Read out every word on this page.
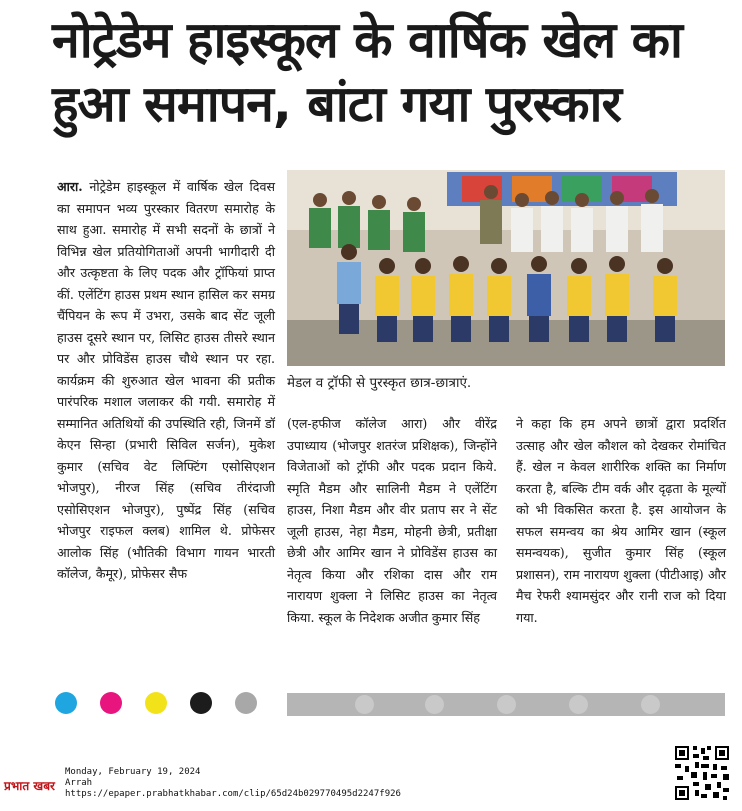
नोट्रेडेम हाइस्कूल के वार्षिक खेल का
हुआ समापन, बांटा गया पुरस्कार
आरा. नोट्रेडेम हाइस्कूल में वार्षिक खेल दिवस का समापन भव्य पुरस्कार वितरण समारोह के साथ हुआ. समारोह में सभी सदनों के छात्रों ने विभिन्न खेल प्रतियोगिताओं अपनी भागीदारी दी और उत्कृष्टता के लिए पदक और ट्रॉफियां प्राप्त कीं. एलेंटिंग हाउस प्रथम स्थान हासिल कर समग्र चैंपियन के रूप में उभरा, उसके बाद सेंट जूली हाउस दूसरे स्थान पर, लिसिट हाउस तीसरे स्थान पर और प्रोविडेंस हाउस चौथे स्थान पर रहा. कार्यक्रम की शुरुआत खेल भावना की प्रतीक पारंपरिक मशाल जलाकर की गयी. समारोह में सम्मानित अतिथियों की उपस्थिति रही, जिनमें डॉ केएन सिन्हा (प्रभारी सिविल सर्जन), मुकेश कुमार (सचिव वेट लिफ्टिंग एसोसिएशन भोजपुर), नीरज सिंह (सचिव तीरंदाजी एसोसिएशन भोजपुर), पुष्पेंद्र सिंह (सचिव भोजपुर राइफल क्लब) शामिल थे. प्रोफेसर आलोक सिंह (भौतिकी विभाग गायन भारती कॉलेज, कैमूर), प्रोफेसर सैफ
मेडल व ट्रॉफी से पुरस्कृत छात्र-छात्राएं.
(एल-हफीज कॉलेज आरा) और वीरेंद्र उपाध्याय (भोजपुर शतरंज प्रशिक्षक), जिन्होंने विजेताओं को ट्रॉफी और पदक प्रदान किये. स्मृति मैडम और सालिनी मैडम ने एलेंटिंग हाउस, निशा मैडम और वीर प्रताप सर ने सेंट जूली हाउस, नेहा मैडम, मोहनी छेत्री, प्रतीक्षा छेत्री और आमिर खान ने प्रोविडेंस हाउस का नेतृत्व किया और रशिका दास और राम नारायण शुक्ला ने लिसिट हाउस का नेतृत्व किया. स्कूल के निदेशक अजीत कुमार सिंह
ने कहा कि हम अपने छात्रों द्वारा प्रदर्शित उत्साह और खेल कौशल को देखकर रोमांचित हैं. खेल न केवल शारीरिक शक्ति का निर्माण करता है, बल्कि टीम वर्क और दृढ़ता के मूल्यों को भी विकसित करता है. इस आयोजन के सफल समन्वय का श्रेय आमिर खान (स्कूल समन्वयक), सुजीत कुमार सिंह (स्कूल प्रशासन), राम नारायण शुक्ला (पीटीआइ) और मैच रेफरी श्यामसुंदर और रानी राज को दिया गया.
प्रभात खबर
Monday, February 19, 2024
Arrah
https://epaper.prabhatkhabar.com/clip/65d24b029770495d2247f926
